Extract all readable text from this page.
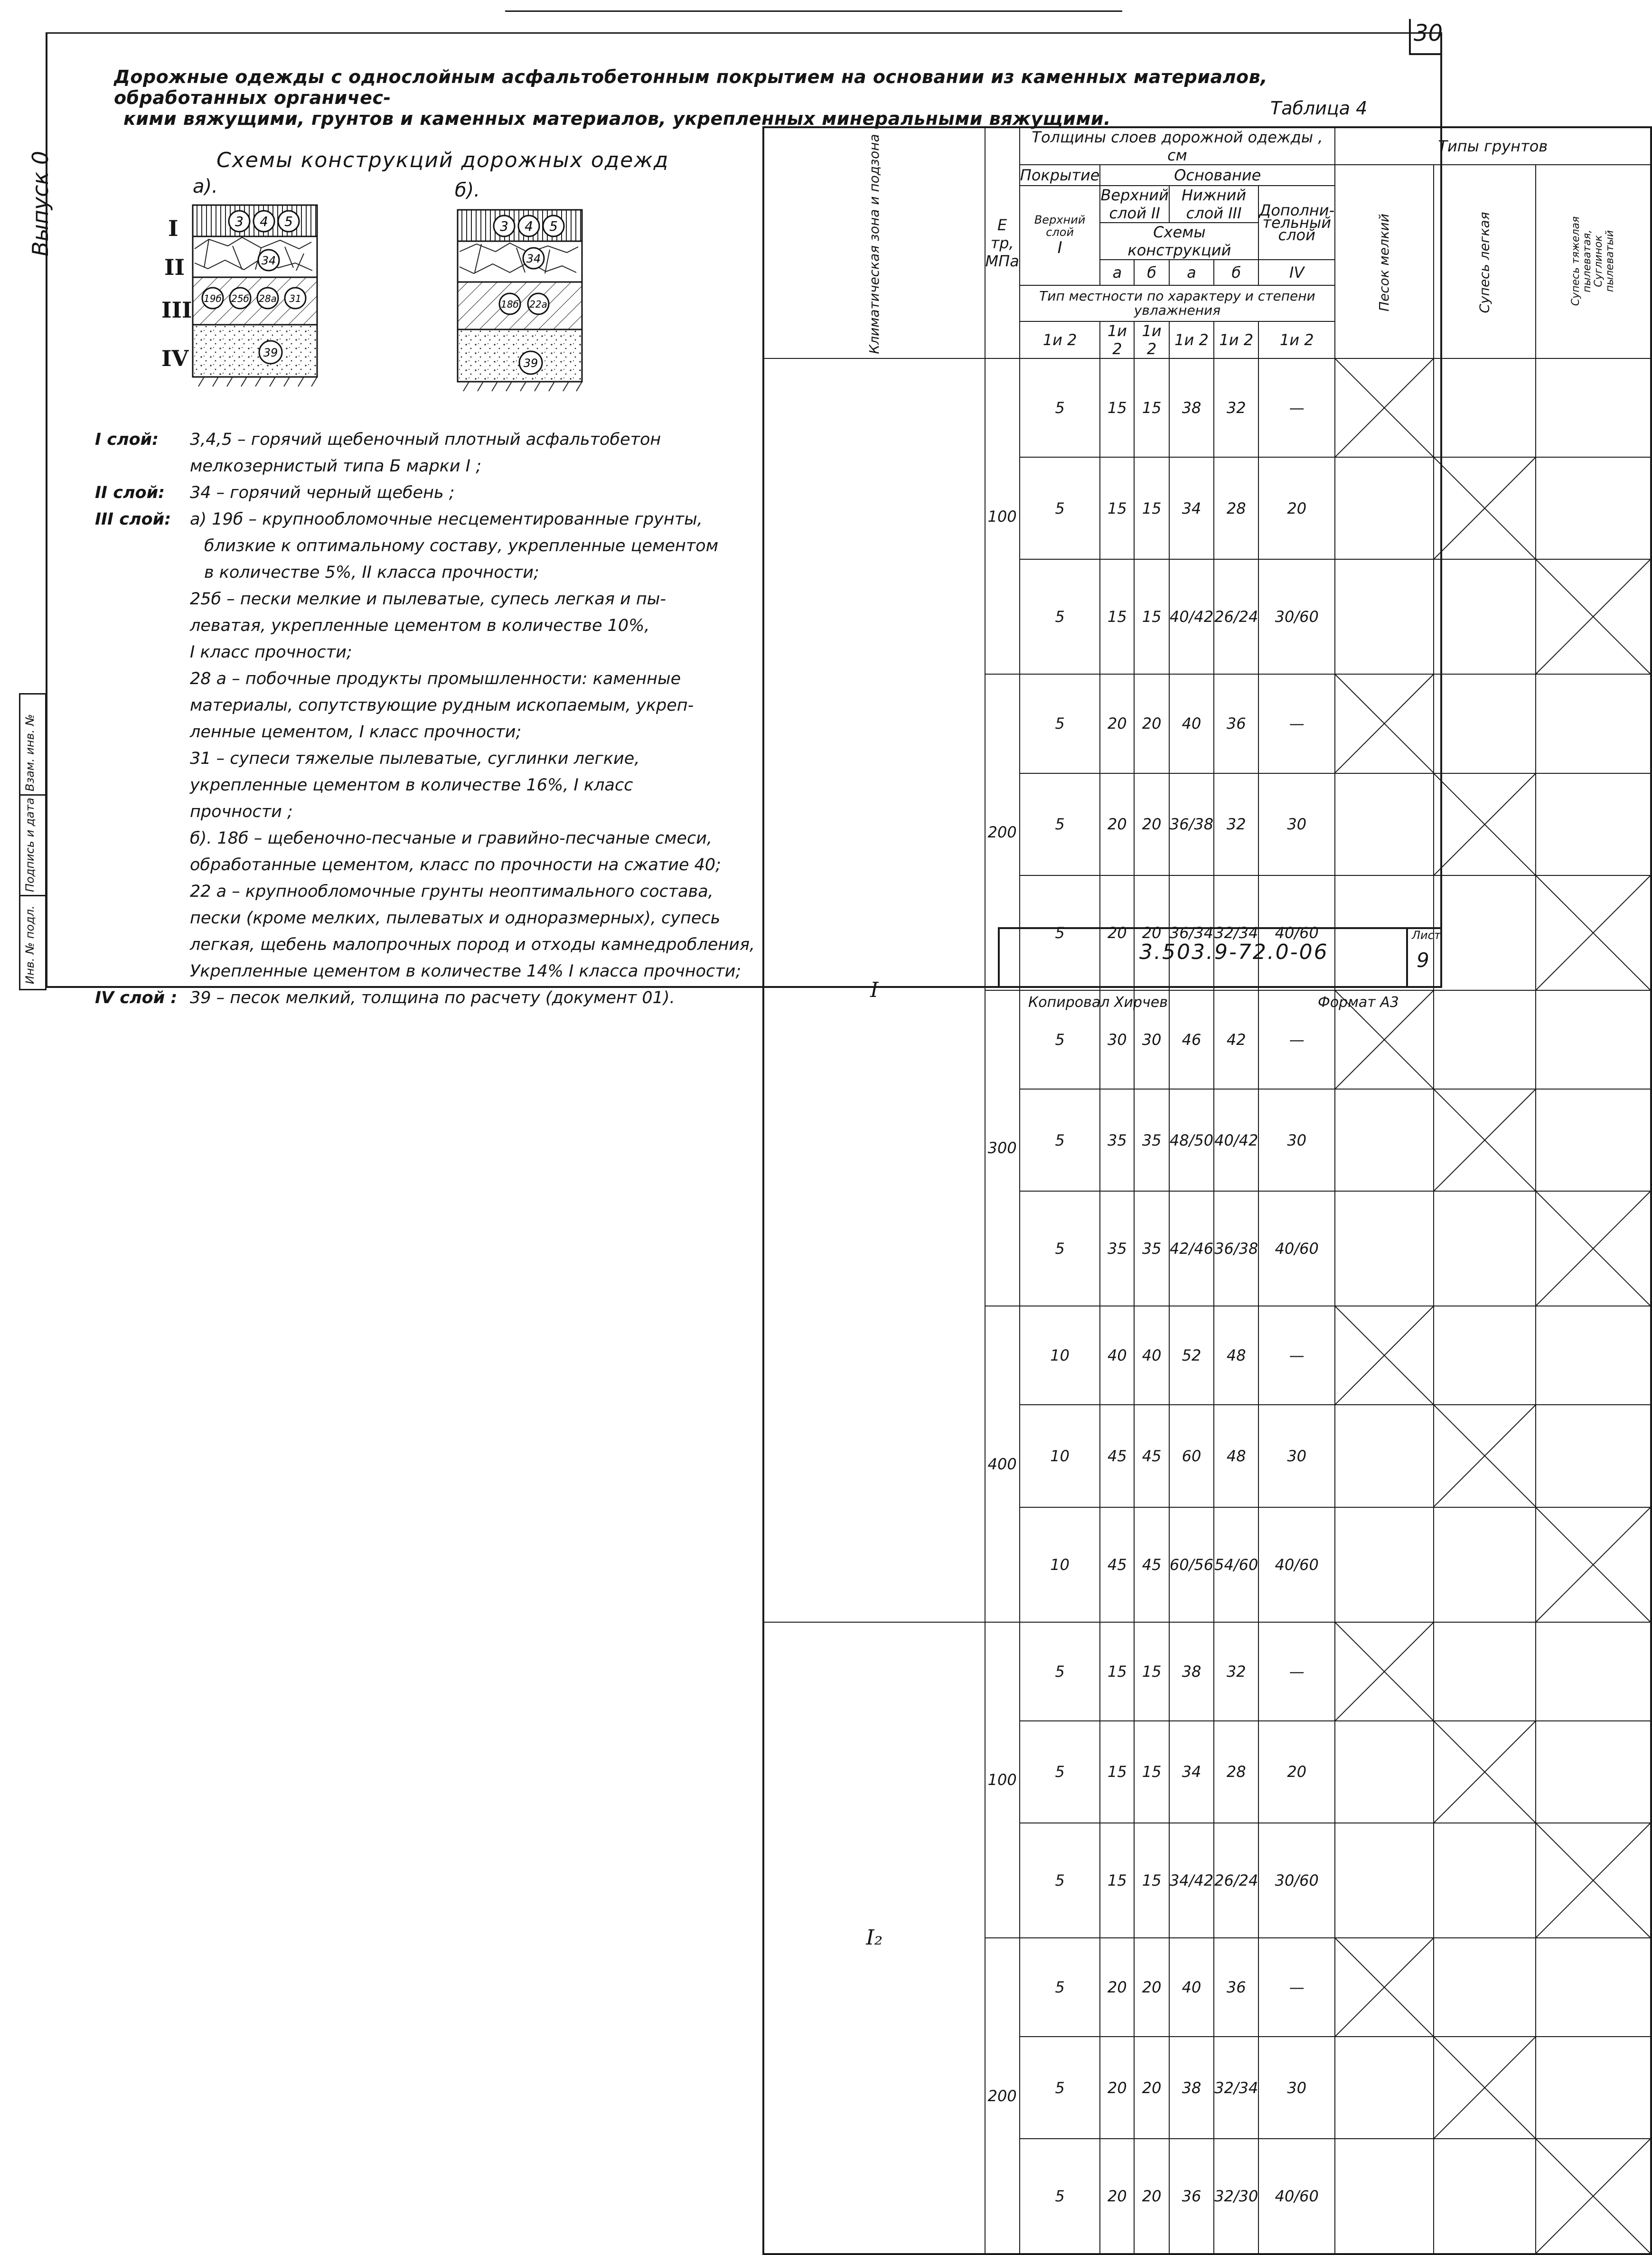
30
Выпуск 0
Дорожные одежды с однослойным асфальтобетонным покрытием на основании из каменных материалов, обработанных органичес-
кими вяжущими, грунтов и каменных материалов, укрепленных минеральными вяжущими.	Таблица 4
Схемы конструкций дорожных одежд
а).	б).
I
II
III
IV
3 4 5
34
19б 25б 28а 31
39
3 4 5
34
18б 22а
39
I слой: 3,4,5 – горячий щебеночный плотный асфальтобетон
мелкозернистый типа Б марки I ;
II слой: 34 – горячий черный щебень ;
III слой: а) 19б – крупнообломочные несцементированные грунты,
близкие к оптимальному составу, укрепленные цементом
в количестве 5%, II класса прочности;
25б – пески мелкие и пылеватые, супесь легкая и пы-
леватая, укрепленные цементом в количестве 10%,
I класс прочности;
28 а – побочные продукты промышленности: каменные
материалы, сопутствующие рудным ископаемым, укреп-
ленные цементом, I класс прочности;
31 – супеси тяжелые пылеватые, суглинки легкие,
укрепленные цементом в количестве 16%, I класс
прочности ;
б). 18б – щебеночно-песчаные и гравийно-песчаные смеси,
обработанные цементом, класс по прочности на сжатие 40;
22 а – крупнообломочные грунты неоптимального состава,
пески (кроме мелких, пылеватых и одноразмерных), супесь
легкая, щебень малопрочных пород и отходы камнедробления,
Укрепленные цементом в количестве 14% I класса прочности;
IV слой : 39 – песок мелкий, толщина по расчету (документ 01).
Климатическая зона и подзона	Е тр, МПа	Толщины слоев дорожной одежды , см						Типы грунтов		
		Покрытие	Основание					Песок мелкий	Супесь легкая	Супесь тяжелая пылеватая, Суглинок пылеватый

		Верхний слой
I	Верхний слой II		Нижний слой III		Дополни-тельный слой			
			Схемы конструкций							
			а	б	а	б	IV			
		Тип местности по характеру и степени увлажнения								
		1и 2	1и 2	1и 2	1и 2	1и 2	1и 2			
I	100	5	15	15	38	32	—	

		5	15	15	34	28	20		

		5	15	15	40/42	26/24	30/60			

	200	5	20	20	40	36	—	

		5	20	20	36/38	32	30		

		5	20	20	36/34	32/34	40/60			

	300	5	30	30	46	42	—	

		5	35	35	48/50	40/42	30		

		5	35	35	42/46	36/38	40/60			

	400	10	40	40	52	48	—	

		10	45	45	60	48	30		

		10	45	45	60/56	54/60	40/60			

I₂	100	5	15	15	38	32	—	

		5	15	15	34	28	20		

		5	15	15	34/42	26/24	30/60			

	200	5	20	20	40	36	—	

		5	20	20	38	32/34	30		

		5	20	20	36	32/30	40/60			
3.503.9-72.0-06
Лист
9
Копировал Хирчев	Формат А3
Взам. инв. №
Подпись и дата
Инв. № подл.
